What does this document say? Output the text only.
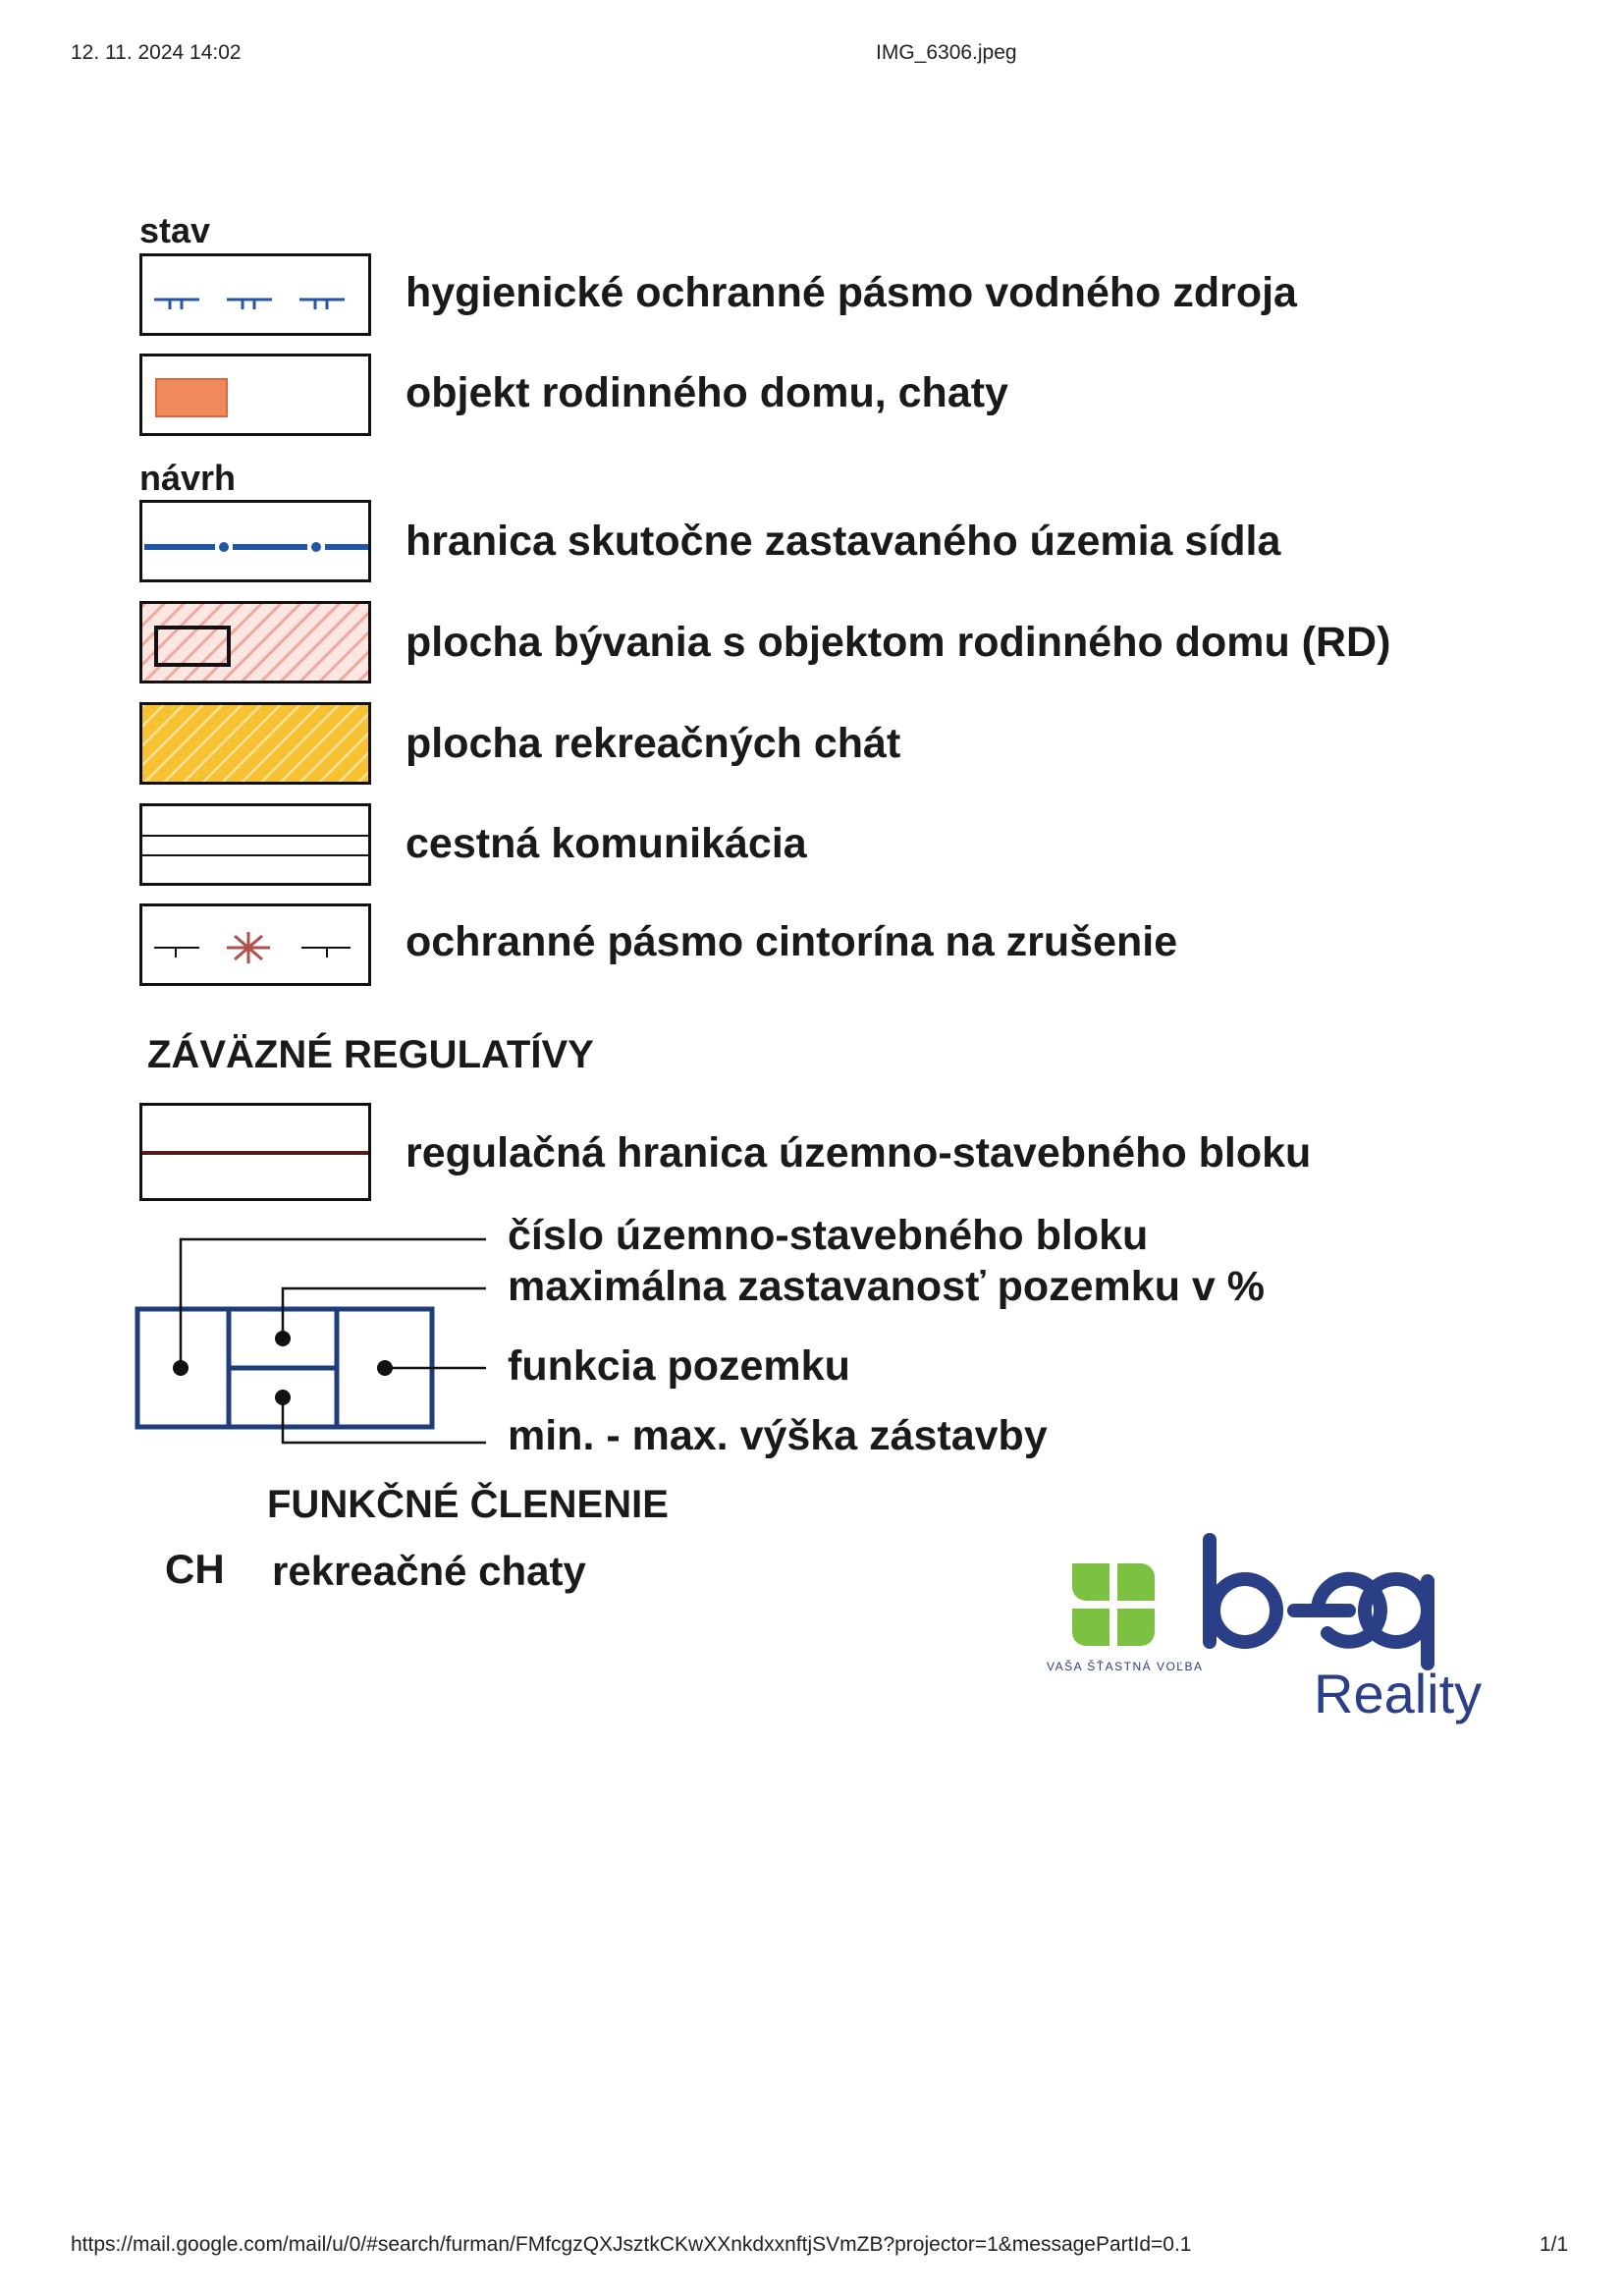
12. 11. 2024 14:02	IMG_6306.jpeg
https://mail.google.com/mail/u/0/#search/furman/FMfcgzQXJsztkCKwXXnkdxxnftjSVmZB?projector=1&messagePartId=0.1	1/1
stav
hygienické ochranné pásmo vodného zdroja
objekt rodinného domu, chaty
návrh
hranica skutočne zastavaného územia sídla
plocha bývania s objektom rodinného domu (RD)
plocha rekreačných chát
cestná komunikácia
ochranné pásmo cintorína na zrušenie
ZÁVÄZNÉ REGULATÍVY
regulačná hranica územno-stavebného bloku
číslo územno-stavebného bloku
maximálna zastavanosť pozemku v %
funkcia pozemku
min. - max. výška zástavby
FUNKČNÉ ČLENENIE
CH rekreačné chaty
VAŠA ŠŤASTNÁ VOĽBA Reality
